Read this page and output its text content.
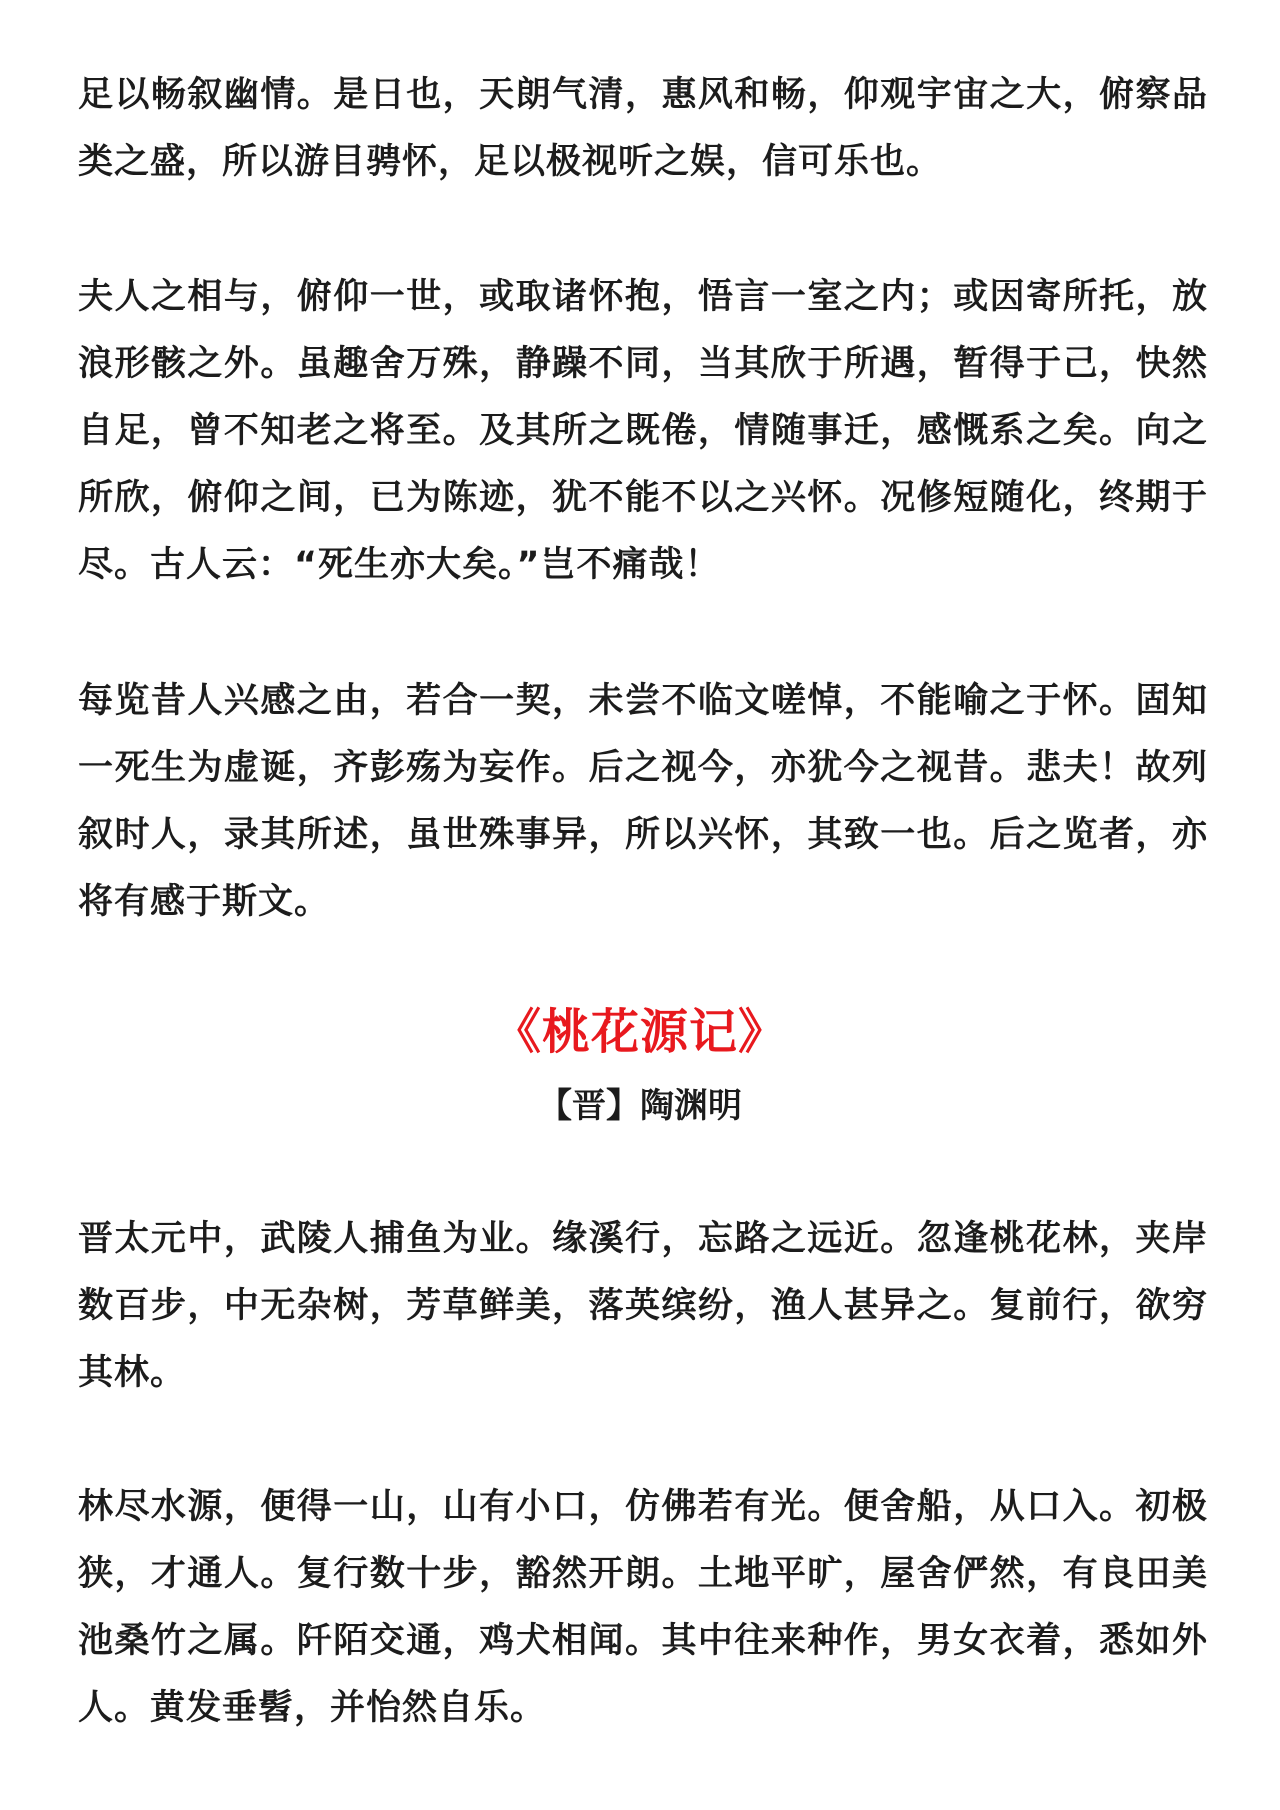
足以畅叙幽情。是日也，天朗气清，惠风和畅，仰观宇宙之大，俯察品类之盛，所以游目骋怀，足以极视听之娱，信可乐也。

夫人之相与，俯仰一世，或取诸怀抱，悟言一室之内；或因寄所托，放浪形骸之外。虽趣舍万殊，静躁不同，当其欣于所遇，暂得于己，快然自足，曾不知老之将至。及其所之既倦，情随事迁，感慨系之矣。向之所欣，俯仰之间，已为陈迹，犹不能不以之兴怀。况修短随化，终期于尽。古人云：“死生亦大矣。”岂不痛哉！

每览昔人兴感之由，若合一契，未尝不临文嗟悼，不能喻之于怀。固知一死生为虚诞，齐彭殇为妄作。后之视今，亦犹今之视昔。悲夫！故列叙时人，录其所述，虽世殊事异，所以兴怀，其致一也。后之览者，亦将有感于斯文。

《桃花源记》
【晋】陶渊明

晋太元中，武陵人捕鱼为业。缘溪行，忘路之远近。忽逢桃花林，夹岸数百步，中无杂树，芳草鲜美，落英缤纷，渔人甚异之。复前行，欲穷其林。

林尽水源，便得一山，山有小口，仿佛若有光。便舍船，从口入。初极狭，才通人。复行数十步，豁然开朗。土地平旷，屋舍俨然，有良田美池桑竹之属。阡陌交通，鸡犬相闻。其中往来种作，男女衣着，悉如外人。黄发垂髫，并怡然自乐。
